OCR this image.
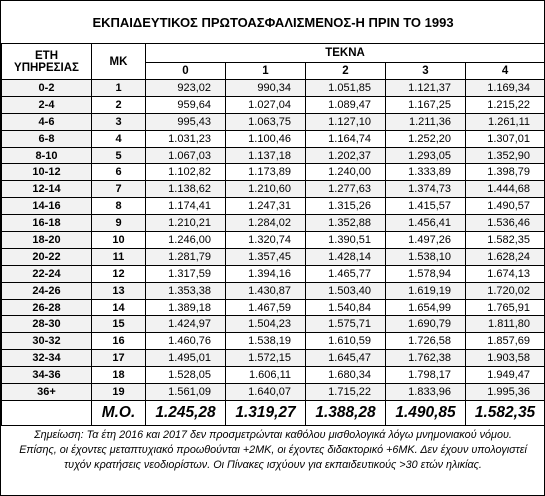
ΕΚΠΑΙΔΕΥΤΙΚΟΣ ΠΡΩΤΟΑΣΦΑΛΙΣΜΕΝΟΣ-Η ΠΡΙΝ ΤΟ 1993						
ΕΤΗ ΥΠΗΡΕΣΙΑΣ	ΜΚ	ΤΕΚΝΑ				
		0	1	2	3	4
0-2	1	923,02	990,34	1.051,85	1.121,37	1.169,34
2-4	2	959,64	1.027,04	1.089,47	1.167,25	1.215,22
4-6	3	995,43	1.063,75	1.127,10	1.211,36	1.261,11
6-8	4	1.031,23	1.100,46	1.164,74	1.252,20	1.307,01
8-10	5	1.067,03	1.137,18	1.202,37	1.293,05	1.352,90
10-12	6	1.102,82	1.173,89	1.240,00	1.333,89	1.398,79
12-14	7	1.138,62	1.210,60	1.277,63	1.374,73	1.444,68
14-16	8	1.174,41	1.247,31	1.315,26	1.415,57	1.490,57
16-18	9	1.210,21	1.284,02	1.352,88	1.456,41	1.536,46
18-20	10	1.246,00	1.320,74	1.390,51	1.497,26	1.582,35
20-22	11	1.281,79	1.357,45	1.428,14	1.538,10	1.628,24
22-24	12	1.317,59	1.394,16	1.465,77	1.578,94	1.674,13
24-26	13	1.353,38	1.430,87	1.503,40	1.619,19	1.720,02
26-28	14	1.389,18	1.467,59	1.540,84	1.654,99	1.765,91
28-30	15	1.424,97	1.504,23	1.575,71	1.690,79	1.811,80
30-32	16	1.460,76	1.538,19	1.610,59	1.726,58	1.857,69
32-34	17	1.495,01	1.572,15	1.645,47	1.762,38	1.903,58
34-36	18	1.528,05	1.606,11	1.680,34	1.798,17	1.949,47
36+	19	1.561,09	1.640,07	1.715,22	1.833,96	1.995,36
	Μ.Ο.	1.245,28	1.319,27	1.388,28	1.490,85	1.582,35

Σημείωση: Τα έτη 2016 και 2017 δεν προσμετρώνται καθόλου μισθολογικά λόγω μνημονιακού νόμου.
Επίσης, οι έχοντες μεταπτυχιακό προωθούνται +2ΜΚ, οι έχοντες διδακτορικό +6ΜΚ. Δεν έχουν υπολογιστεί
τυχόν κρατήσεις νεοδιορίστων. Οι Πίνακες ισχύουν για εκπαιδευτικούς >30 ετών ηλικίας.						
